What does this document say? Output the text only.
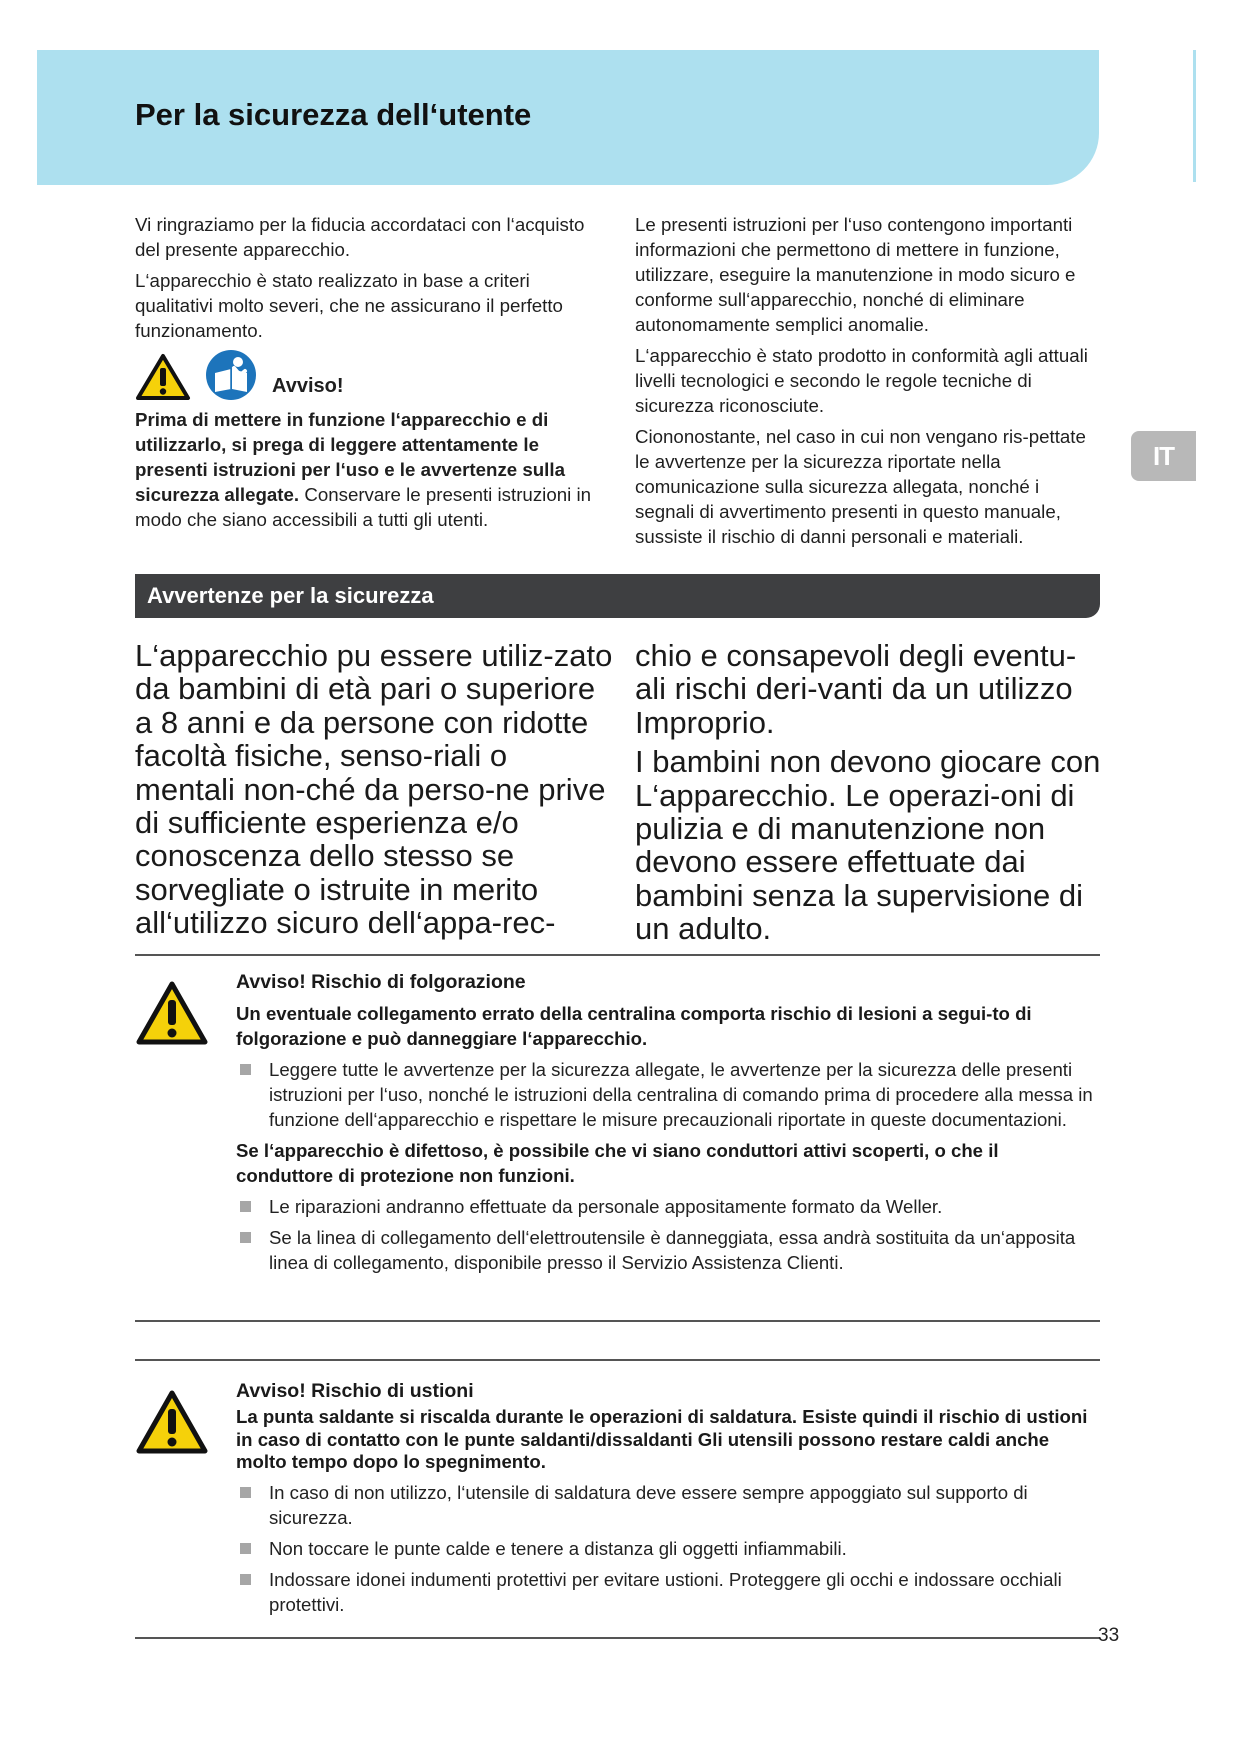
Per la sicurezza dell‘utente
IT

Vi ringraziamo per la fiducia accordataci con l‘acquisto del presente apparecchio.

L‘apparecchio è stato realizzato in base a criteri qualitativi molto severi, che ne assicurano il perfetto funzionamento.

Avviso!

Prima di mettere in funzione l‘apparecchio e di utilizzarlo, si prega di leggere attentamente le presenti istruzioni per l‘uso e le avvertenze sulla sicurezza allegate. Conservare le presenti istruzioni in modo che siano accessibili a tutti gli utenti.

Le presenti istruzioni per l‘uso contengono importanti informazioni che permettono di mettere in funzione, utilizzare, eseguire la manutenzione in modo sicuro e conforme sull‘apparecchio, nonché di eliminare autonomamente semplici anomalie.

L‘apparecchio è stato prodotto in conformità agli attuali livelli tecnologici e secondo le regole tecniche di sicurezza riconosciute.

Ciononostante, nel caso in cui non vengano ris-pettate le avvertenze per la sicurezza riportate nella comunicazione sulla sicurezza allegata, nonché i segnali di avvertimento presenti in questo manuale, sussiste il rischio di danni personali e materiali.

Avvertenze per la sicurezza

L‘apparecchio pu essere utiliz-zato da bambini di età pari o superiore a 8 anni e da persone con ridotte facoltà fisiche, senso-riali o mentali non-ché da perso-ne prive di sufficiente esperienza e/o conoscenza dello stesso se sorvegliate o istruite in merito all‘utilizzo sicuro dell‘appa-rec-

chio e consapevoli degli eventu-ali rischi deri-vanti da un utilizzo Improprio.

I bambini non devono giocare con L‘apparecchio. Le operazi-oni di pulizia e di manutenzione non devono essere effettuate dai bambini senza la supervisione di un adulto.

Avviso! Rischio di folgorazione

Un eventuale collegamento errato della centralina comporta rischio di lesioni a segui-to di folgorazione e può danneggiare l‘apparecchio.

Leggere tutte le avvertenze per la sicurezza allegate, le avvertenze per la sicurezza delle presenti istruzioni per l‘uso, nonché le istruzioni della centralina di comando prima di procedere alla messa in funzione dell‘apparecchio e rispettare le misure precauzionali riportate in queste documentazioni.

Se l‘apparecchio è difettoso, è possibile che vi siano conduttori attivi scoperti, o che il conduttore di protezione non funzioni.

Le riparazioni andranno effettuate da personale appositamente formato da Weller.
Se la linea di collegamento dell‘elettroutensile è danneggiata, essa andrà sostituita da un‘apposita linea di collegamento, disponibile presso il Servizio Assistenza Clienti.

Avviso! Rischio di ustioni

La punta saldante si riscalda durante le operazioni di saldatura. Esiste quindi il rischio di ustioni in caso di contatto con le punte saldanti/dissaldanti Gli utensili possono restare caldi anche molto tempo dopo lo spegnimento.

In caso di non utilizzo, l‘utensile di saldatura deve essere sempre appoggiato sul supporto di sicurezza.
Non toccare le punte calde e tenere a distanza gli oggetti infiammabili.
Indossare idonei indumenti protettivi per evitare ustioni. Proteggere gli occhi e indossare occhiali protettivi.
33
